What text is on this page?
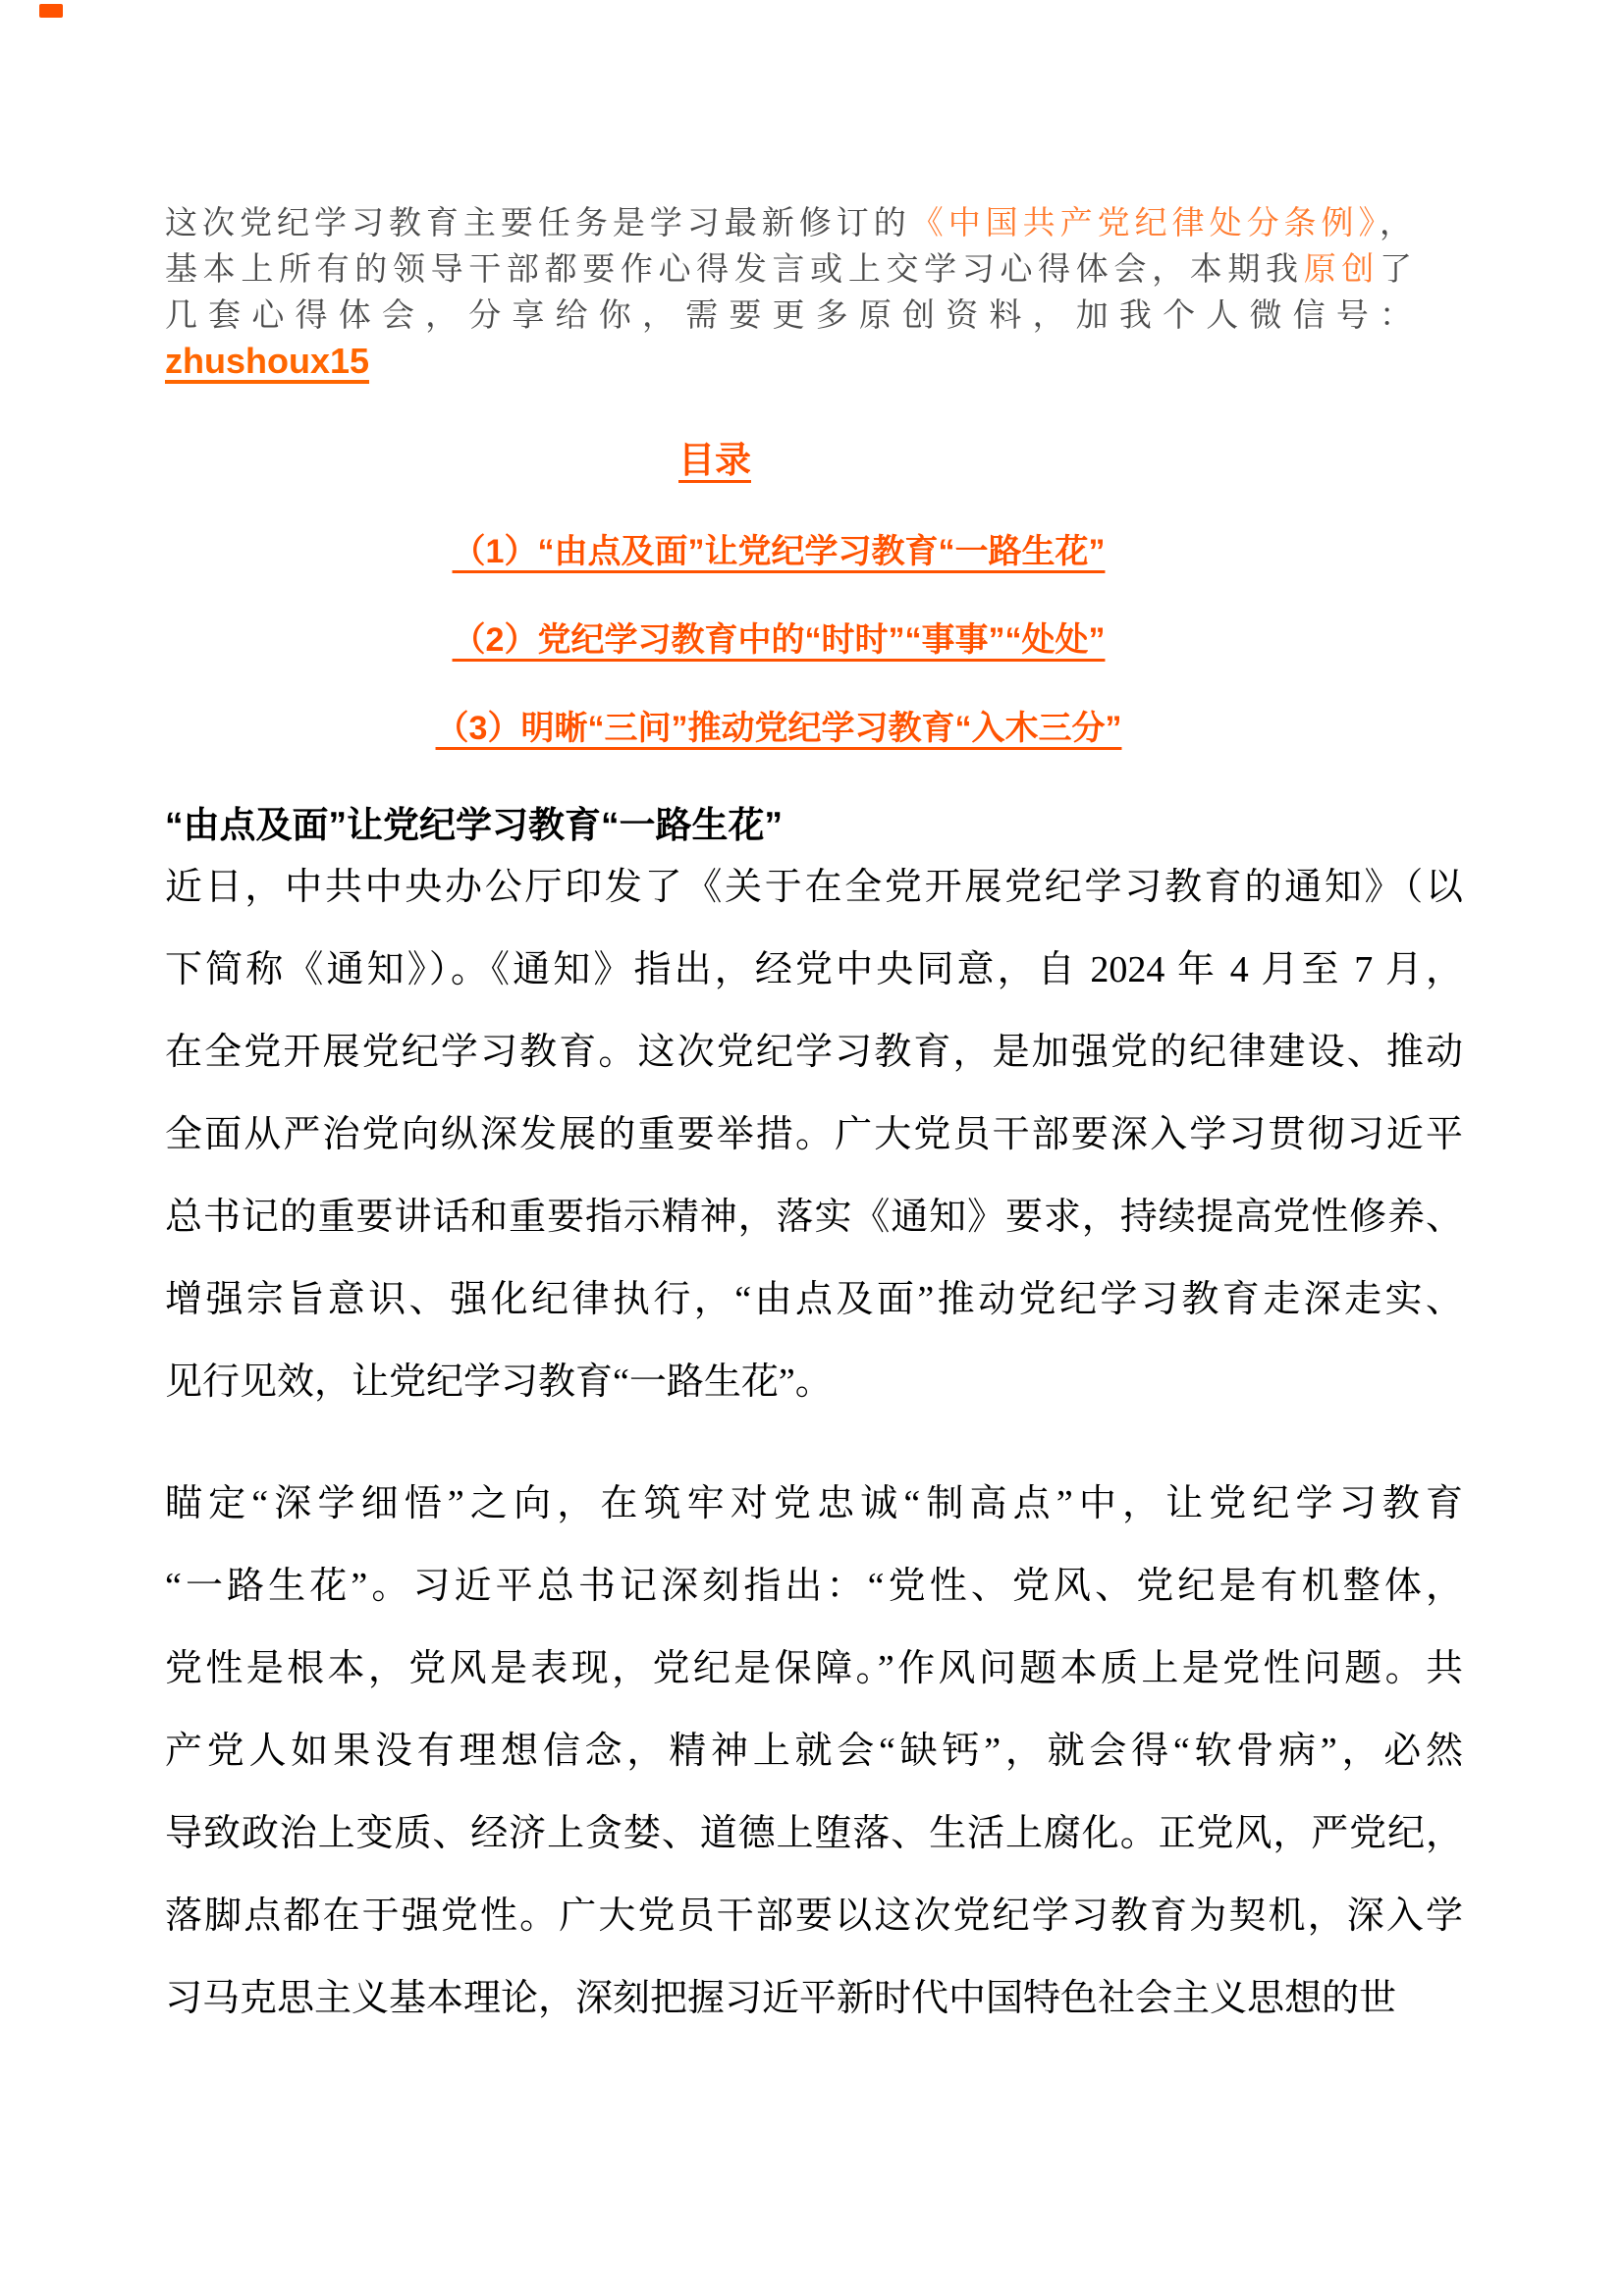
这次党纪学习教育主要任务是学习最新修订的《中国共产党纪律处分条例》，
基本上所有的领导干部都要作心得发言或上交学习心得体会，本期我原创了
几套心得体会，分享给你，需要更多原创资料，加我个人微信号：
zhushoux15
目录
（1）“由点及面”让党纪学习教育“一路生花”
（2）党纪学习教育中的“时时”“事事”“处处”
（3）明晰“三问”推动党纪学习教育“入木三分”
“由点及面”让党纪学习教育“一路生花”
近日，中共中央办公厅印发了《关于在全党开展党纪学习教育的通知》（以
下简称《通知》）。《通知》指出，经党中央同意，自 2024 年 4 月至 7 月，
在全党开展党纪学习教育。这次党纪学习教育，是加强党的纪律建设、推动
全面从严治党向纵深发展的重要举措。广大党员干部要深入学习贯彻习近平
总书记的重要讲话和重要指示精神，落实《通知》要求，持续提高党性修养、
增强宗旨意识、强化纪律执行，“由点及面”推动党纪学习教育走深走实、
见行见效，让党纪学习教育“一路生花”。
瞄定“深学细悟”之向，在筑牢对党忠诚“制高点”中，让党纪学习教育
“一路生花”。习近平总书记深刻指出：“党性、党风、党纪是有机整体，
党性是根本，党风是表现，党纪是保障。”作风问题本质上是党性问题。共
产党人如果没有理想信念，精神上就会“缺钙”，就会得“软骨病”，必然
导致政治上变质、经济上贪婪、道德上堕落、生活上腐化。正党风，严党纪，
落脚点都在于强党性。广大党员干部要以这次党纪学习教育为契机，深入学
习马克思主义基本理论，深刻把握习近平新时代中国特色社会主义思想的世
